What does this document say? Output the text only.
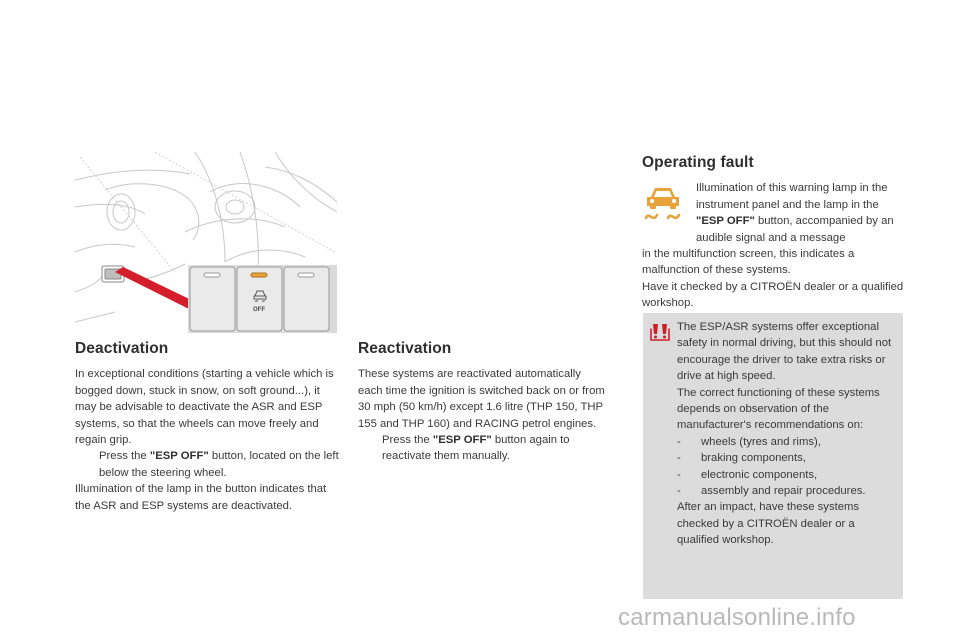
OFF
Deactivation

In exceptional conditions (starting a vehicle which is bogged down, stuck in snow, on soft ground...), it may be advisable to deactivate the ASR and ESP systems, so that the wheels can move freely and regain grip.

Press the "ESP OFF" button, located on the left below the steering wheel.

Illumination of the lamp in the button indicates that the ASR and ESP systems are deactivated.

Reactivation

These systems are reactivated automatically each time the ignition is switched back on or from 30 mph (50 km/h) except 1.6 litre (THP 150, THP 155 and THP 160) and RACING petrol engines.

Press the "ESP OFF" button again to reactivate them manually.
Operating fault
Illumination of this warning lamp in the instrument panel and the lamp in the "ESP OFF" button, accompanied by an audible signal and a message

in the multifunction screen, this indicates a malfunction of these systems.

Have it checked by a CITROËN dealer or a qualified workshop.

The ESP/ASR systems offer exceptional safety in normal driving, but this should not encourage the driver to take extra risks or drive at high speed.

The correct functioning of these systems depends on observation of the manufacturer's recommendations on:

- wheels (tyres and rims),
- braking components,
- electronic components,
- assembly and repair procedures.

After an impact, have these systems checked by a CITROËN dealer or a qualified workshop.

carmanualsonline.info
